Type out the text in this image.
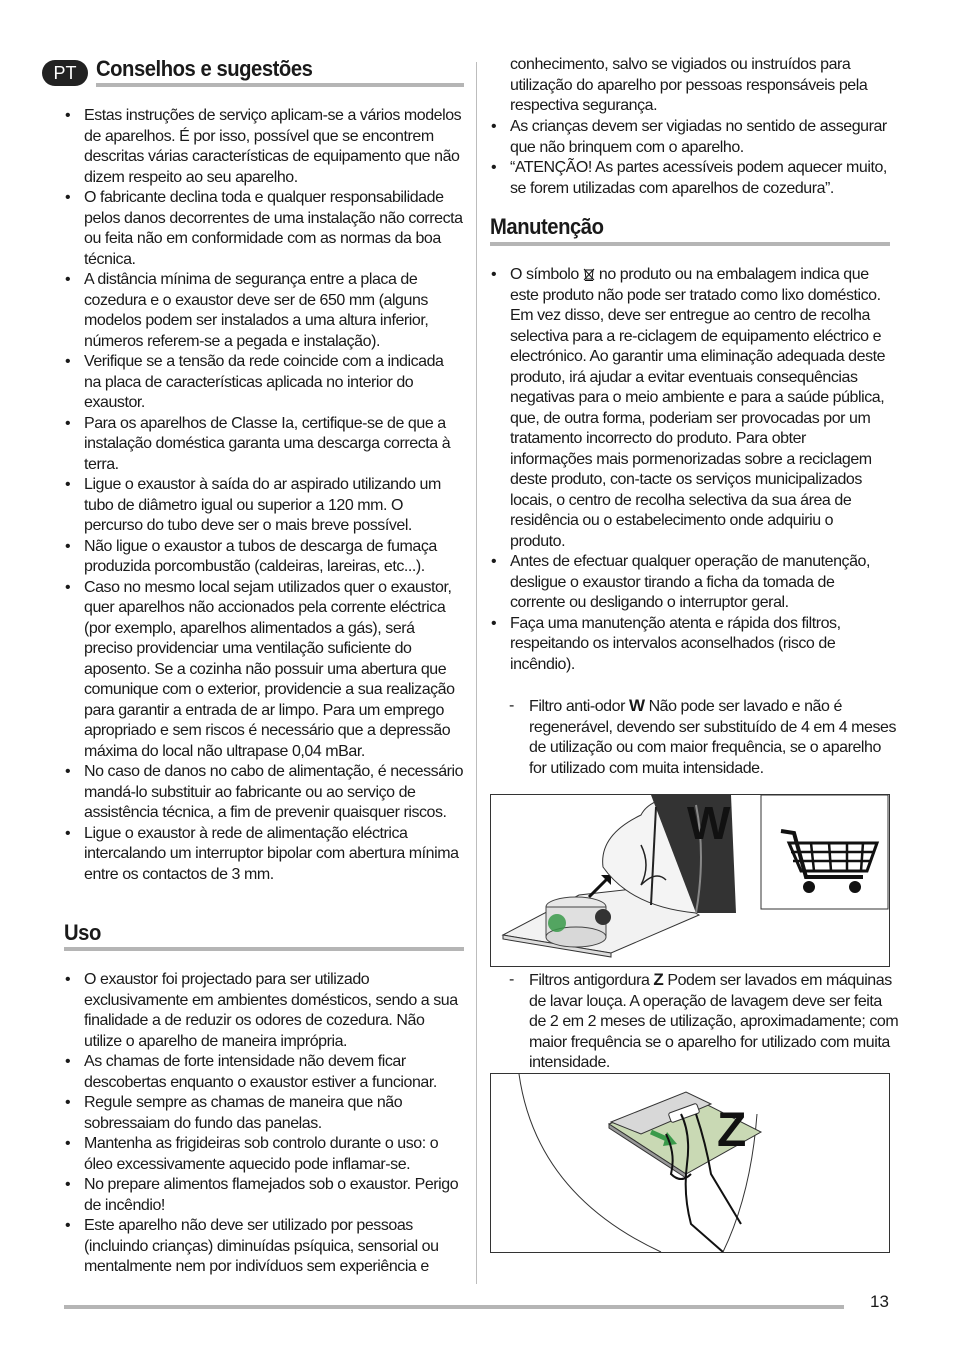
PT Conselhos e sugestões
• Estas instruções de serviço aplicam-se a vários modelos de aparelhos. É por isso, possível que se encontrem descritas várias características de equipamento que não dizem respeito ao seu aparelho.
• O fabricante declina toda e qualquer responsabilidade pelos danos decorrentes de uma instalação não correcta ou feita não em conformidade com as normas da boa técnica.
• A distância mínima de segurança entre a placa de cozedura e o exaustor deve ser de 650 mm (alguns modelos podem ser instalados a uma altura inferior, números referem-se a pegada e instalação).
• Verifique se a tensão da rede coincide com a indicada na placa de características aplicada no interior do exaustor.
• Para os aparelhos de Classe Ia, certifique-se de que a instalação doméstica garanta uma descarga correcta à terra.
• Ligue o exaustor à saída do ar aspirado utilizando um tubo de diâmetro igual ou superior a 120 mm. O percurso do tubo deve ser o mais breve possível.
• Não ligue o exaustor a tubos de descarga de fumaça produzida porcombustão (caldeiras, lareiras, etc...).
• Caso no mesmo local sejam utilizados quer o exaustor, quer aparelhos não accionados pela corrente eléctrica (por exemplo, aparelhos alimentados a gás), será preciso providenciar uma ventilação suficiente do aposento. Se a cozinha não possuir uma abertura que comunique com o exterior, providencie a sua realização para garantir a entrada de ar limpo. Para um emprego apropriado e sem riscos é necessário que a depressão máxima do local não ultrapase 0,04 mBar.
• No caso de danos no cabo de alimentação, é necessário mandá-lo substituir ao fabricante ou ao serviço de assistência técnica, a fim de prevenir quaisquer riscos.
• Ligue o exaustor à rede de alimentação eléctrica intercalando um interruptor bipolar com abertura mínima entre os contactos de 3 mm.
Uso
• O exaustor foi projectado para ser utilizado exclusivamente em ambientes domésticos, sendo a sua finalidade a de reduzir os odores de cozedura. Não utilize o aparelho de maneira imprópria.
• As chamas de forte intensidade não devem ficar descobertas enquanto o exaustor estiver a funcionar.
• Regule sempre as chamas de maneira que não sobressaiam do fundo das panelas.
• Mantenha as frigideiras sob controlo durante o uso: o óleo excessivamente aquecido pode inflamar-se.
• No prepare alimentos flamejados sob o exaustor. Perigo de incêndio!
• Este aparelho não deve ser utilizado por pessoas (incluindo crianças) diminuídas psíquica, sensorial ou mentalmente nem por indivíduos sem experiência e
conhecimento, salvo se vigiados ou instruídos para utilização do aparelho por pessoas responsáveis pela respectiva segurança.
• As crianças devem ser vigiadas no sentido de assegurar que não brinquem com o aparelho.
• “ATENÇÃO! As partes acessíveis podem aquecer muito, se forem utilizadas com aparelhos de cozedura”.
Manutenção
• O símbolo no produto ou na embalagem indica que este produto não pode ser tratado como lixo doméstico. Em vez disso, deve ser entregue ao centro de recolha selectiva para a re-ciclagem de equipamento eléctrico e electrónico. Ao garantir uma eliminação adequada deste produto, irá ajudar a evitar eventuais consequências negativas para o meio ambiente e para a saúde pública, que, de outra forma, poderiam ser provocadas por um tratamento incorrecto do produto. Para obter informações mais pormenorizadas sobre a reciclagem deste produto, con-tacte os serviços municipalizados locais, o centro de recolha selectiva da sua área de residência ou o estabelecimento onde adquiriu o produto.
• Antes de efectuar qualquer operação de manutenção, desligue o exaustor tirando a ficha da tomada de corrente ou desligando o interruptor geral.
• Faça uma manutenção atenta e rápida dos filtros, respeitando os intervalos aconselhados (risco de incêndio).
- Filtro anti-odor W Não pode ser lavado e não é regenerável, devendo ser substituído de 4 em 4 meses de utilização ou com maior frequência, se o aparelho for utilizado com muita intensidade.
W
- Filtros antigordura Z Podem ser lavados em máquinas de lavar louça. A operação de lavagem deve ser feita de 2 em 2 meses de utilização, aproximadamente; com maior frequência se o aparelho for utilizado com muita intensidade.
Z
13
